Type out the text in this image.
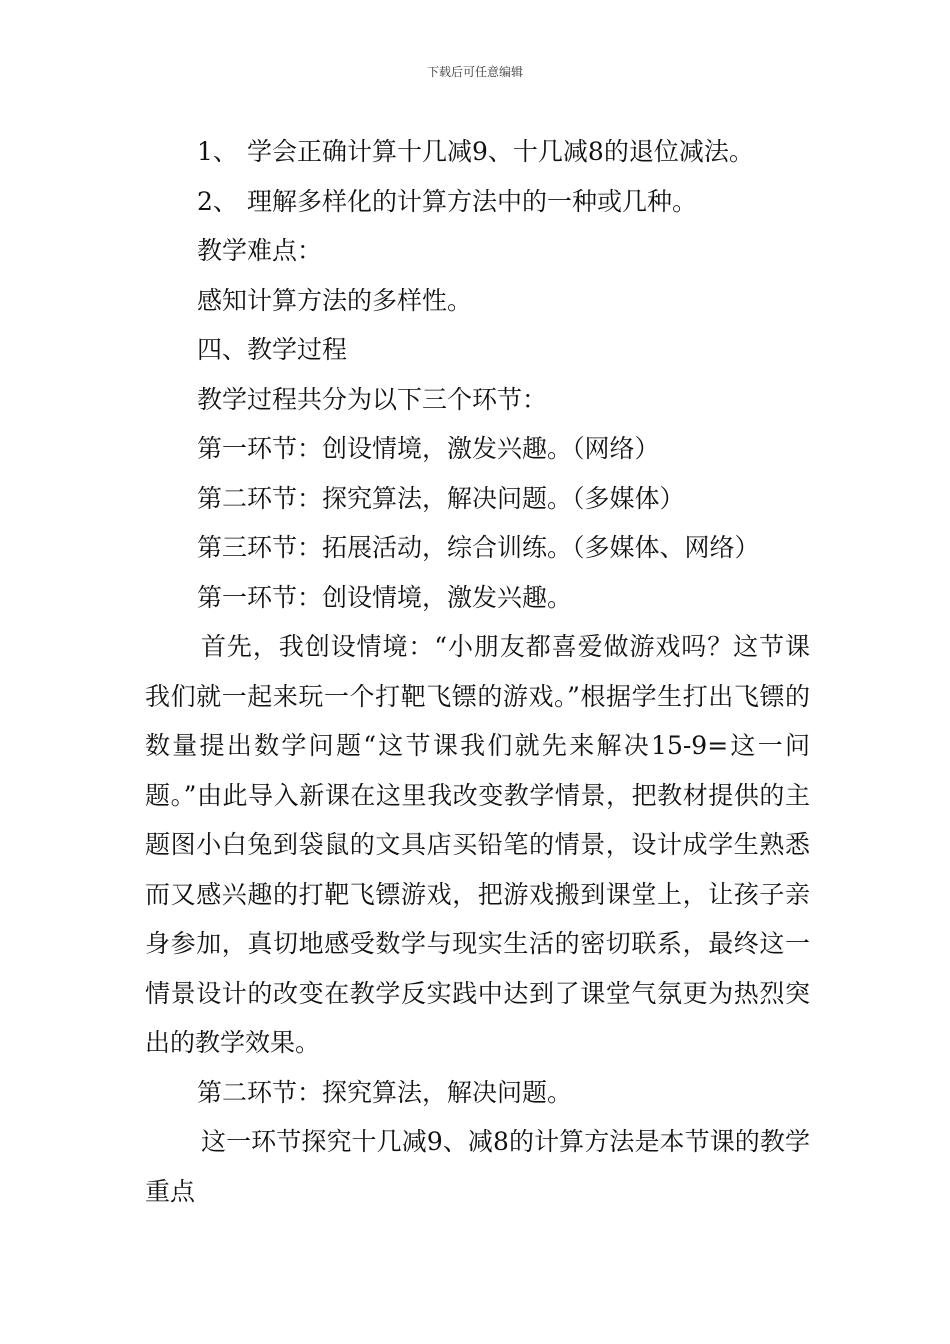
下载后可任意编辑
1、 学会正确计算十几减9、十几减8的退位减法。
2、 理解多样化的计算方法中的一种或几种。
教学难点：
感知计算方法的多样性。
四、教学过程
教学过程共分为以下三个环节：
第一环节：创设情境，激发兴趣。（网络）
第二环节：探究算法，解决问题。（多媒体）
第三环节：拓展活动，综合训练。（多媒体、网络）
第一环节：创设情境，激发兴趣。
首先，我创设情境：“小朋友都喜爱做游戏吗？这节课我们就一起来玩一个打靶飞镖的游戏。”根据学生打出飞镖的数量提出数学问题“这节课我们就先来解决15-9=这一问题。”由此导入新课在这里我改变教学情景，把教材提供的主题图小白兔到袋鼠的文具店买铅笔的情景，设计成学生熟悉而又感兴趣的打靶飞镖游戏，把游戏搬到课堂上，让孩子亲身参加，真切地感受数学与现实生活的密切联系，最终这一情景设计的改变在教学反实践中达到了课堂气氛更为热烈突出的教学效果。
第二环节：探究算法，解决问题。
这一环节探究十几减9、减8的计算方法是本节课的教学重点
